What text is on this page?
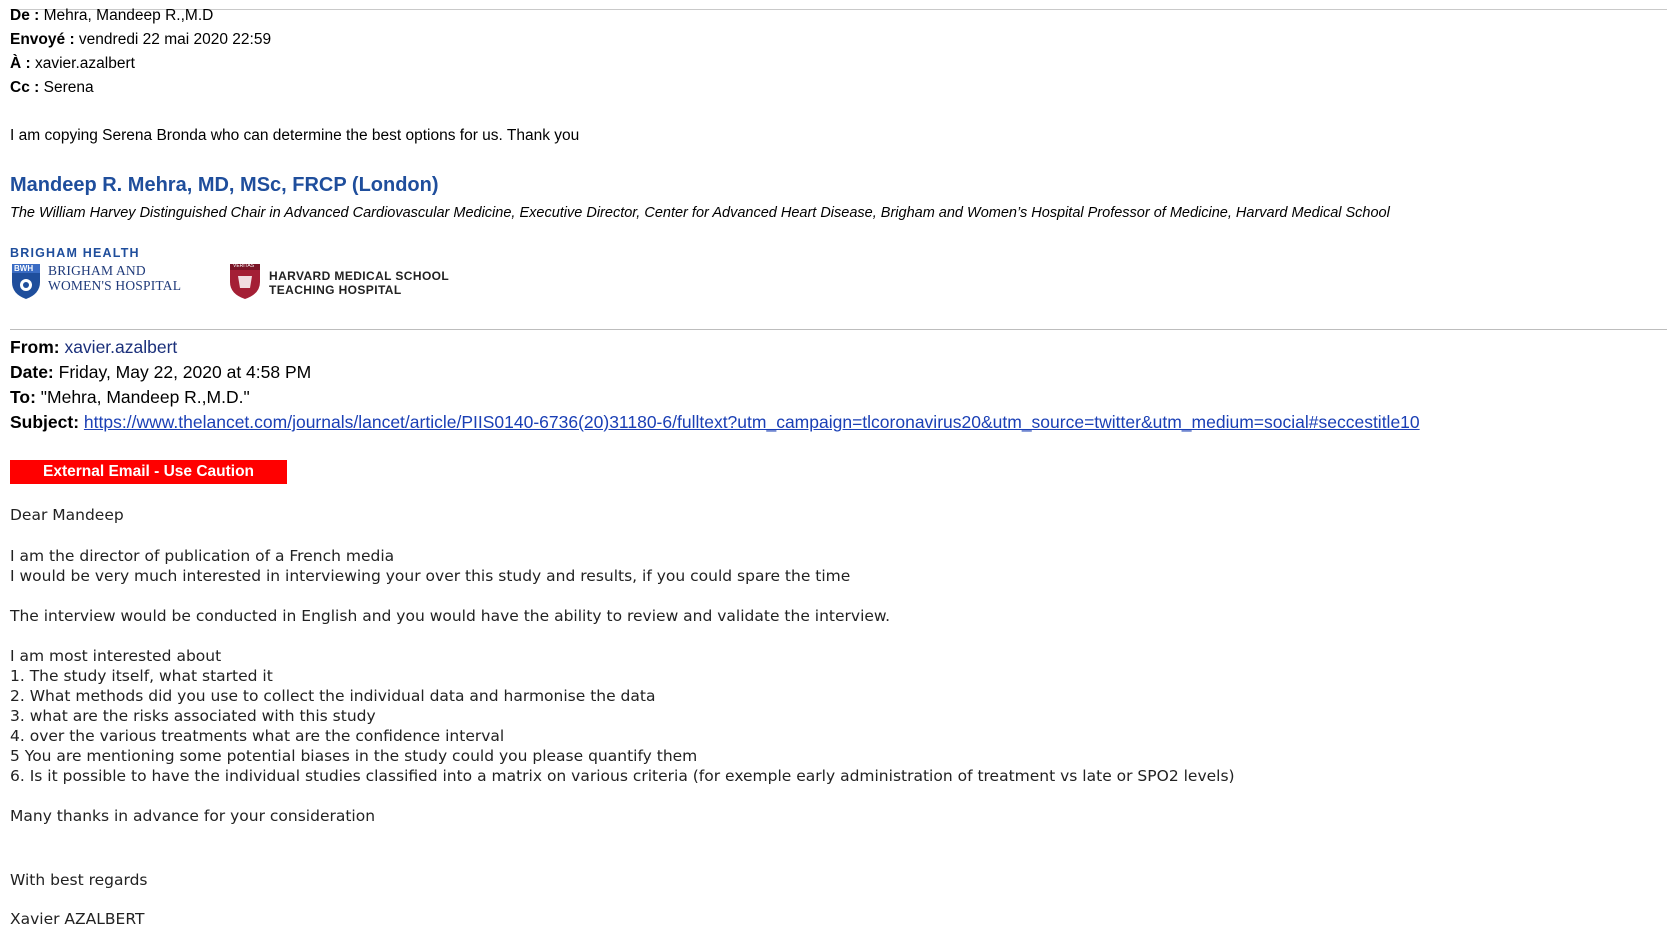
De : Mehra, Mandeep R.,M.D
Envoyé : vendredi 22 mai 2020 22:59
À : xavier.azalbert
Cc : Serena
I am copying Serena Bronda who can determine the best options for us. Thank you
Mandeep R. Mehra, MD, MSc, FRCP (London)
The William Harvey Distinguished Chair in Advanced Cardiovascular Medicine, Executive Director, Center for Advanced Heart Disease, Brigham and Women’s Hospital Professor of Medicine, Harvard Medical School
BRIGHAM HEALTH
BWH BRIGHAM AND
WOMEN'S HOSPITAL
VERITAS
HARVARD MEDICAL SCHOOL
TEACHING HOSPITAL
From: xavier.azalbert
Date: Friday, May 22, 2020 at 4:58 PM
To: "Mehra, Mandeep R.,M.D."
Subject: https://www.thelancet.com/journals/lancet/article/PIIS0140-6736(20)31180-6/fulltext?utm_campaign=tlcoronavirus20&utm_source=twitter&utm_medium=social#seccestitle10
External Email - Use Caution
Dear Mandeep
I am the director of publication of a French media
I would be very much interested in interviewing your over this study and results, if you could spare the time
The interview would be conducted in English and you would have the ability to review and validate the interview.
I am most interested about
1. The study itself, what started it
2. What methods did you use to collect the individual data and harmonise the data
3. what are the risks associated with this study
4. over the various treatments what are the confidence interval
5 You are mentioning some potential biases in the study could you please quantify them
6. Is it possible to have the individual studies classified into a matrix on various criteria (for exemple early administration of treatment vs late or SPO2 levels)
Many thanks in advance for your consideration
With best regards
Xavier AZALBERT
